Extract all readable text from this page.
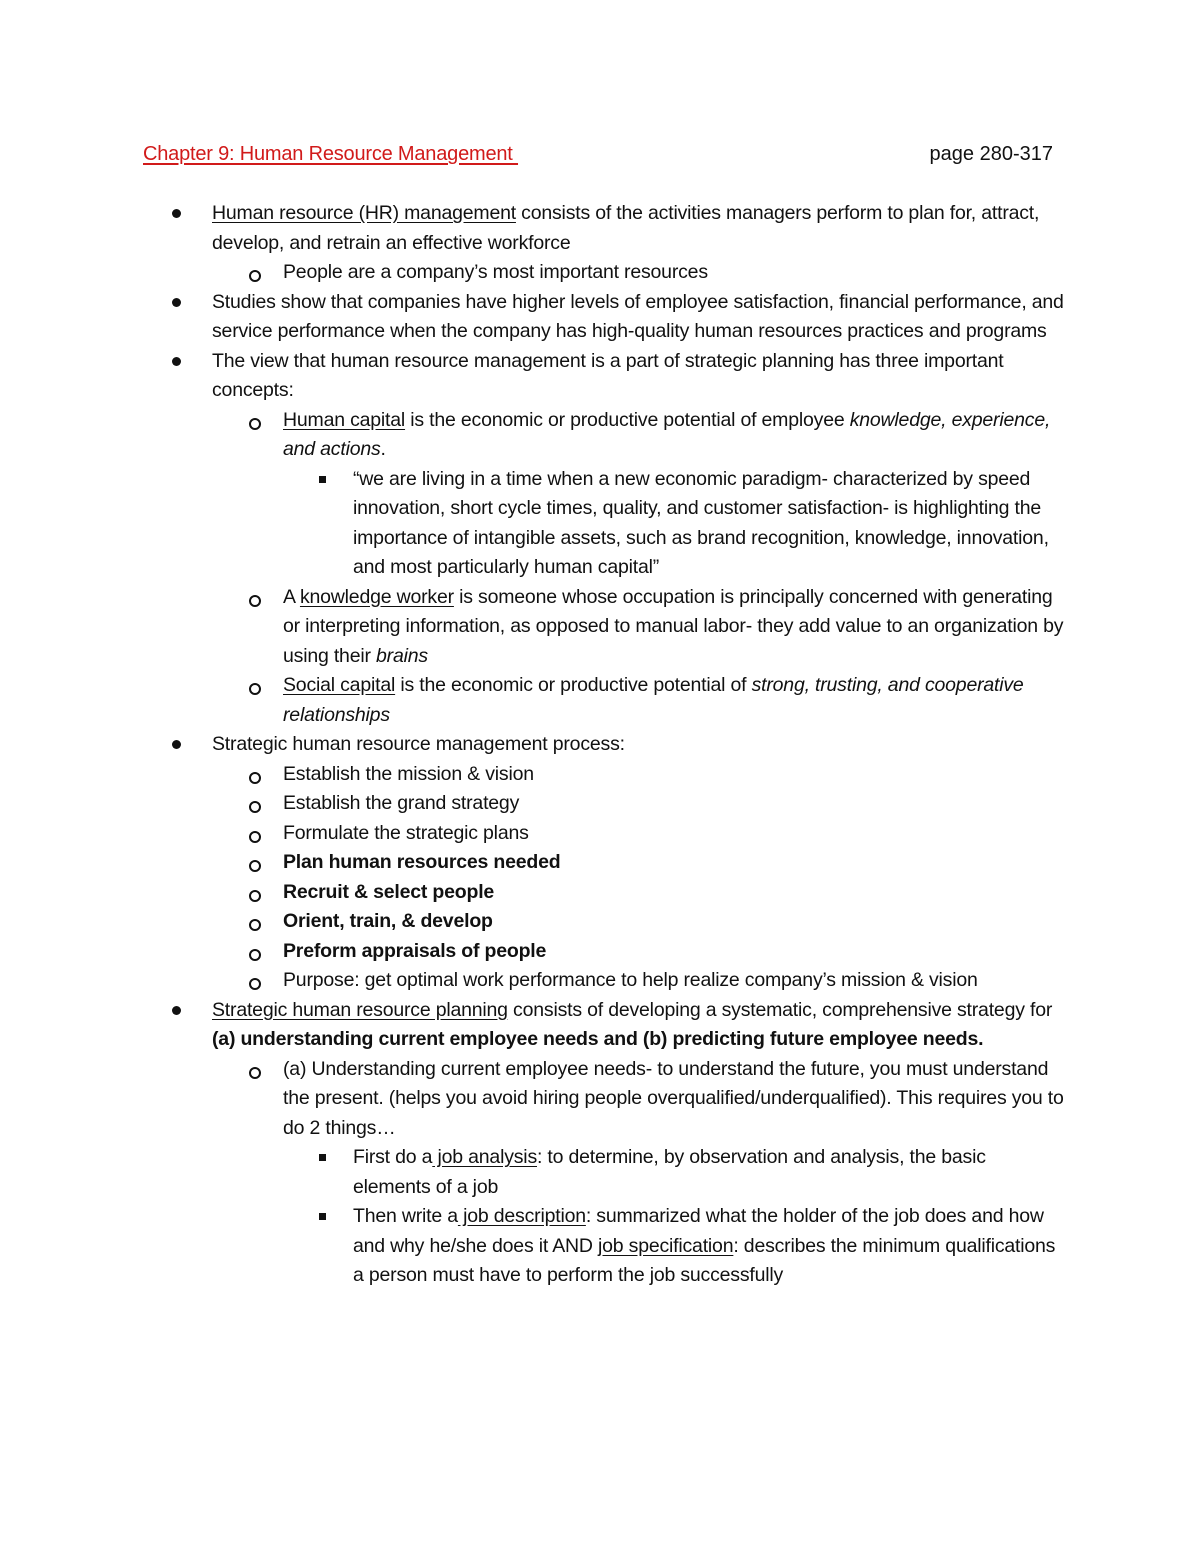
Chapter 9: Human Resource Management	page 280-317
Human resource (HR) management consists of the activities managers perform to plan for, attract, develop, and retrain an effective workforce
People are a company’s most important resources
Studies show that companies have higher levels of employee satisfaction, financial performance, and service performance when the company has high-quality human resources practices and programs
The view that human resource management is a part of strategic planning has three important concepts:
Human capital is the economic or productive potential of employee knowledge, experience, and actions.
“we are living in a time when a new economic paradigm- characterized by speed innovation, short cycle times, quality, and customer satisfaction- is highlighting the importance of intangible assets, such as brand recognition, knowledge, innovation, and most particularly human capital”
A knowledge worker is someone whose occupation is principally concerned with generating or interpreting information, as opposed to manual labor- they add value to an organization by using their brains
Social capital is the economic or productive potential of strong, trusting, and cooperative relationships
Strategic human resource management process:
Establish the mission & vision
Establish the grand strategy
Formulate the strategic plans
Plan human resources needed
Recruit & select people
Orient, train, & develop
Preform appraisals of people
Purpose: get optimal work performance to help realize company’s mission & vision
Strategic human resource planning consists of developing a systematic, comprehensive strategy for (a) understanding current employee needs and (b) predicting future employee needs.
(a) Understanding current employee needs- to understand the future, you must understand the present. (helps you avoid hiring people overqualified/underqualified). This requires you to do 2 things…
First do a job analysis: to determine, by observation and analysis, the basic elements of a job
Then write a job description: summarized what the holder of the job does and how and why he/she does it AND job specification: describes the minimum qualifications a person must have to perform the job successfully
